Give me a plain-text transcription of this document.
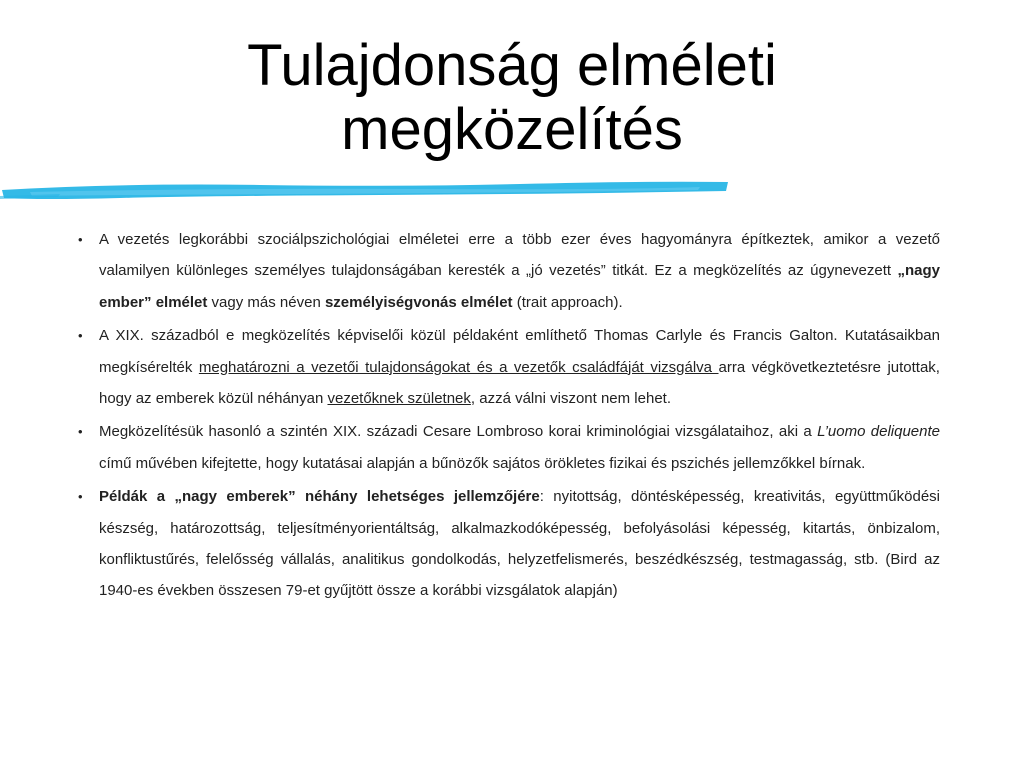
Tulajdonság elméleti
megközelítés
• A vezetés legkorábbi szociálpszichológiai elméletei erre a több ezer éves hagyományra építkeztek, amikor a vezető valamilyen különleges személyes tulajdonságában keresték a „jó vezetés” titkát. Ez a megközelítés az úgynevezett „nagy ember” elmélet vagy más néven személyiségvonás elmélet (trait approach).
• A XIX. századból e megközelítés képviselői közül példaként említhető Thomas Carlyle és Francis Galton. Kutatásaikban megkísérelték meghatározni a vezetői tulajdonságokat és a vezetők családfáját vizsgálva arra végkövetkeztetésre jutottak, hogy az emberek közül néhányan vezetőknek születnek, azzá válni viszont nem lehet.
• Megközelítésük hasonló a szintén XIX. századi Cesare Lombroso korai kriminológiai vizsgálataihoz, aki a L’uomo deliquente című művében kifejtette, hogy kutatásai alapján a bűnözők sajátos örökletes fizikai és pszichés jellemzőkkel bírnak.
• Példák a „nagy emberek” néhány lehetséges jellemzőjére: nyitottság, döntésképesség, kreativitás, együttműködési készség, határozottság, teljesítményorientáltság, alkalmazkodóképesség, befolyásolási képesség, kitartás, önbizalom, konfliktustűrés, felelősség vállalás, analitikus gondolkodás, helyzetfelismerés, beszédkészség, testmagasság, stb. (Bird az 1940-es években összesen 79-et gyűjtött össze a korábbi vizsgálatok alapján)
